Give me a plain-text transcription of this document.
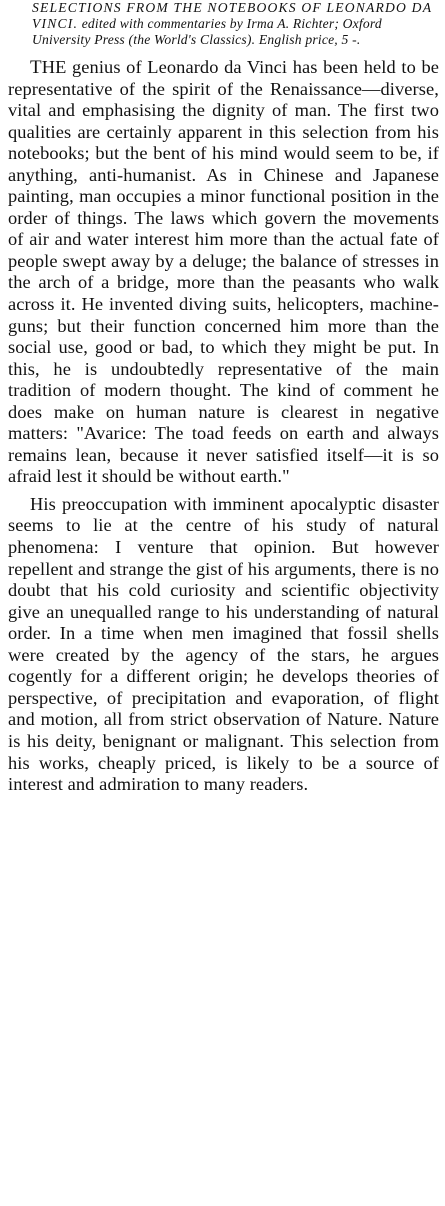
SELECTIONS FROM THE NOTEBOOKS OF LEONARDO DA VINCI. edited with commentaries by Irma A. Richter; Oxford University Press (the World's Classics). English price, 5 -.

THE genius of Leonardo da Vinci has been held to be representative of the spirit of the Renaissance—diverse, vital and emphasising the dignity of man. The first two qualities are certainly apparent in this selection from his notebooks; but the bent of his mind would seem to be, if anything, anti-humanist. As in Chinese and Japanese painting, man occupies a minor functional position in the order of things. The laws which govern the movements of air and water interest him more than the actual fate of people swept away by a deluge; the balance of stresses in the arch of a bridge, more than the peasants who walk across it. He invented diving suits, helicopters, machine-guns; but their function concerned him more than the social use, good or bad, to which they might be put. In this, he is undoubtedly representative of the main tradition of modern thought. The kind of comment he does make on human nature is clearest in negative matters: "Avarice: The toad feeds on earth and always remains lean, because it never satisfied itself—it is so afraid lest it should be without earth."

His preoccupation with imminent apocalyptic disaster seems to lie at the centre of his study of natural phenomena: I venture that opinion. But however repellent and strange the gist of his arguments, there is no doubt that his cold curiosity and scientific objectivity give an unequalled range to his understanding of natural order. In a time when men imagined that fossil shells were created by the agency of the stars, he argues cogently for a different origin; he develops theories of perspective, of precipitation and evaporation, of flight and motion, all from strict observation of Nature. Nature is his deity, benignant or malignant. This selection from his works, cheaply priced, is likely to be a source of interest and admiration to many readers.
